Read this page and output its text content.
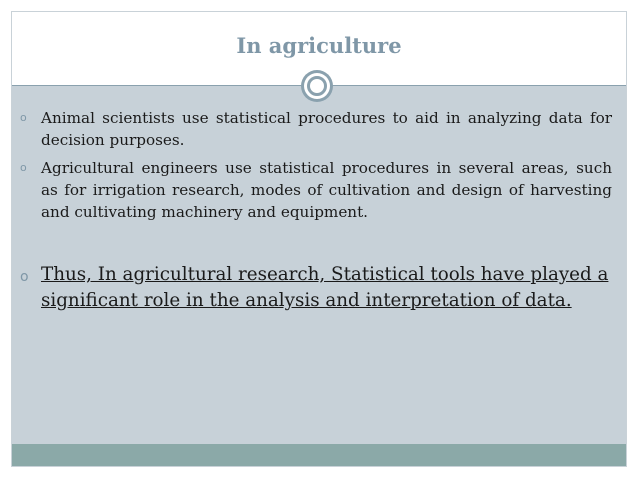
In agriculture
o Animal scientists use statistical procedures to aid in analyzing data for decision purposes.
o Agricultural engineers use statistical procedures in several areas, such as for irrigation research, modes of cultivation and design of harvesting and cultivating machinery and equipment.
o Thus, In agricultural research, Statistical tools have played a significant role in the analysis and interpretation of data.
